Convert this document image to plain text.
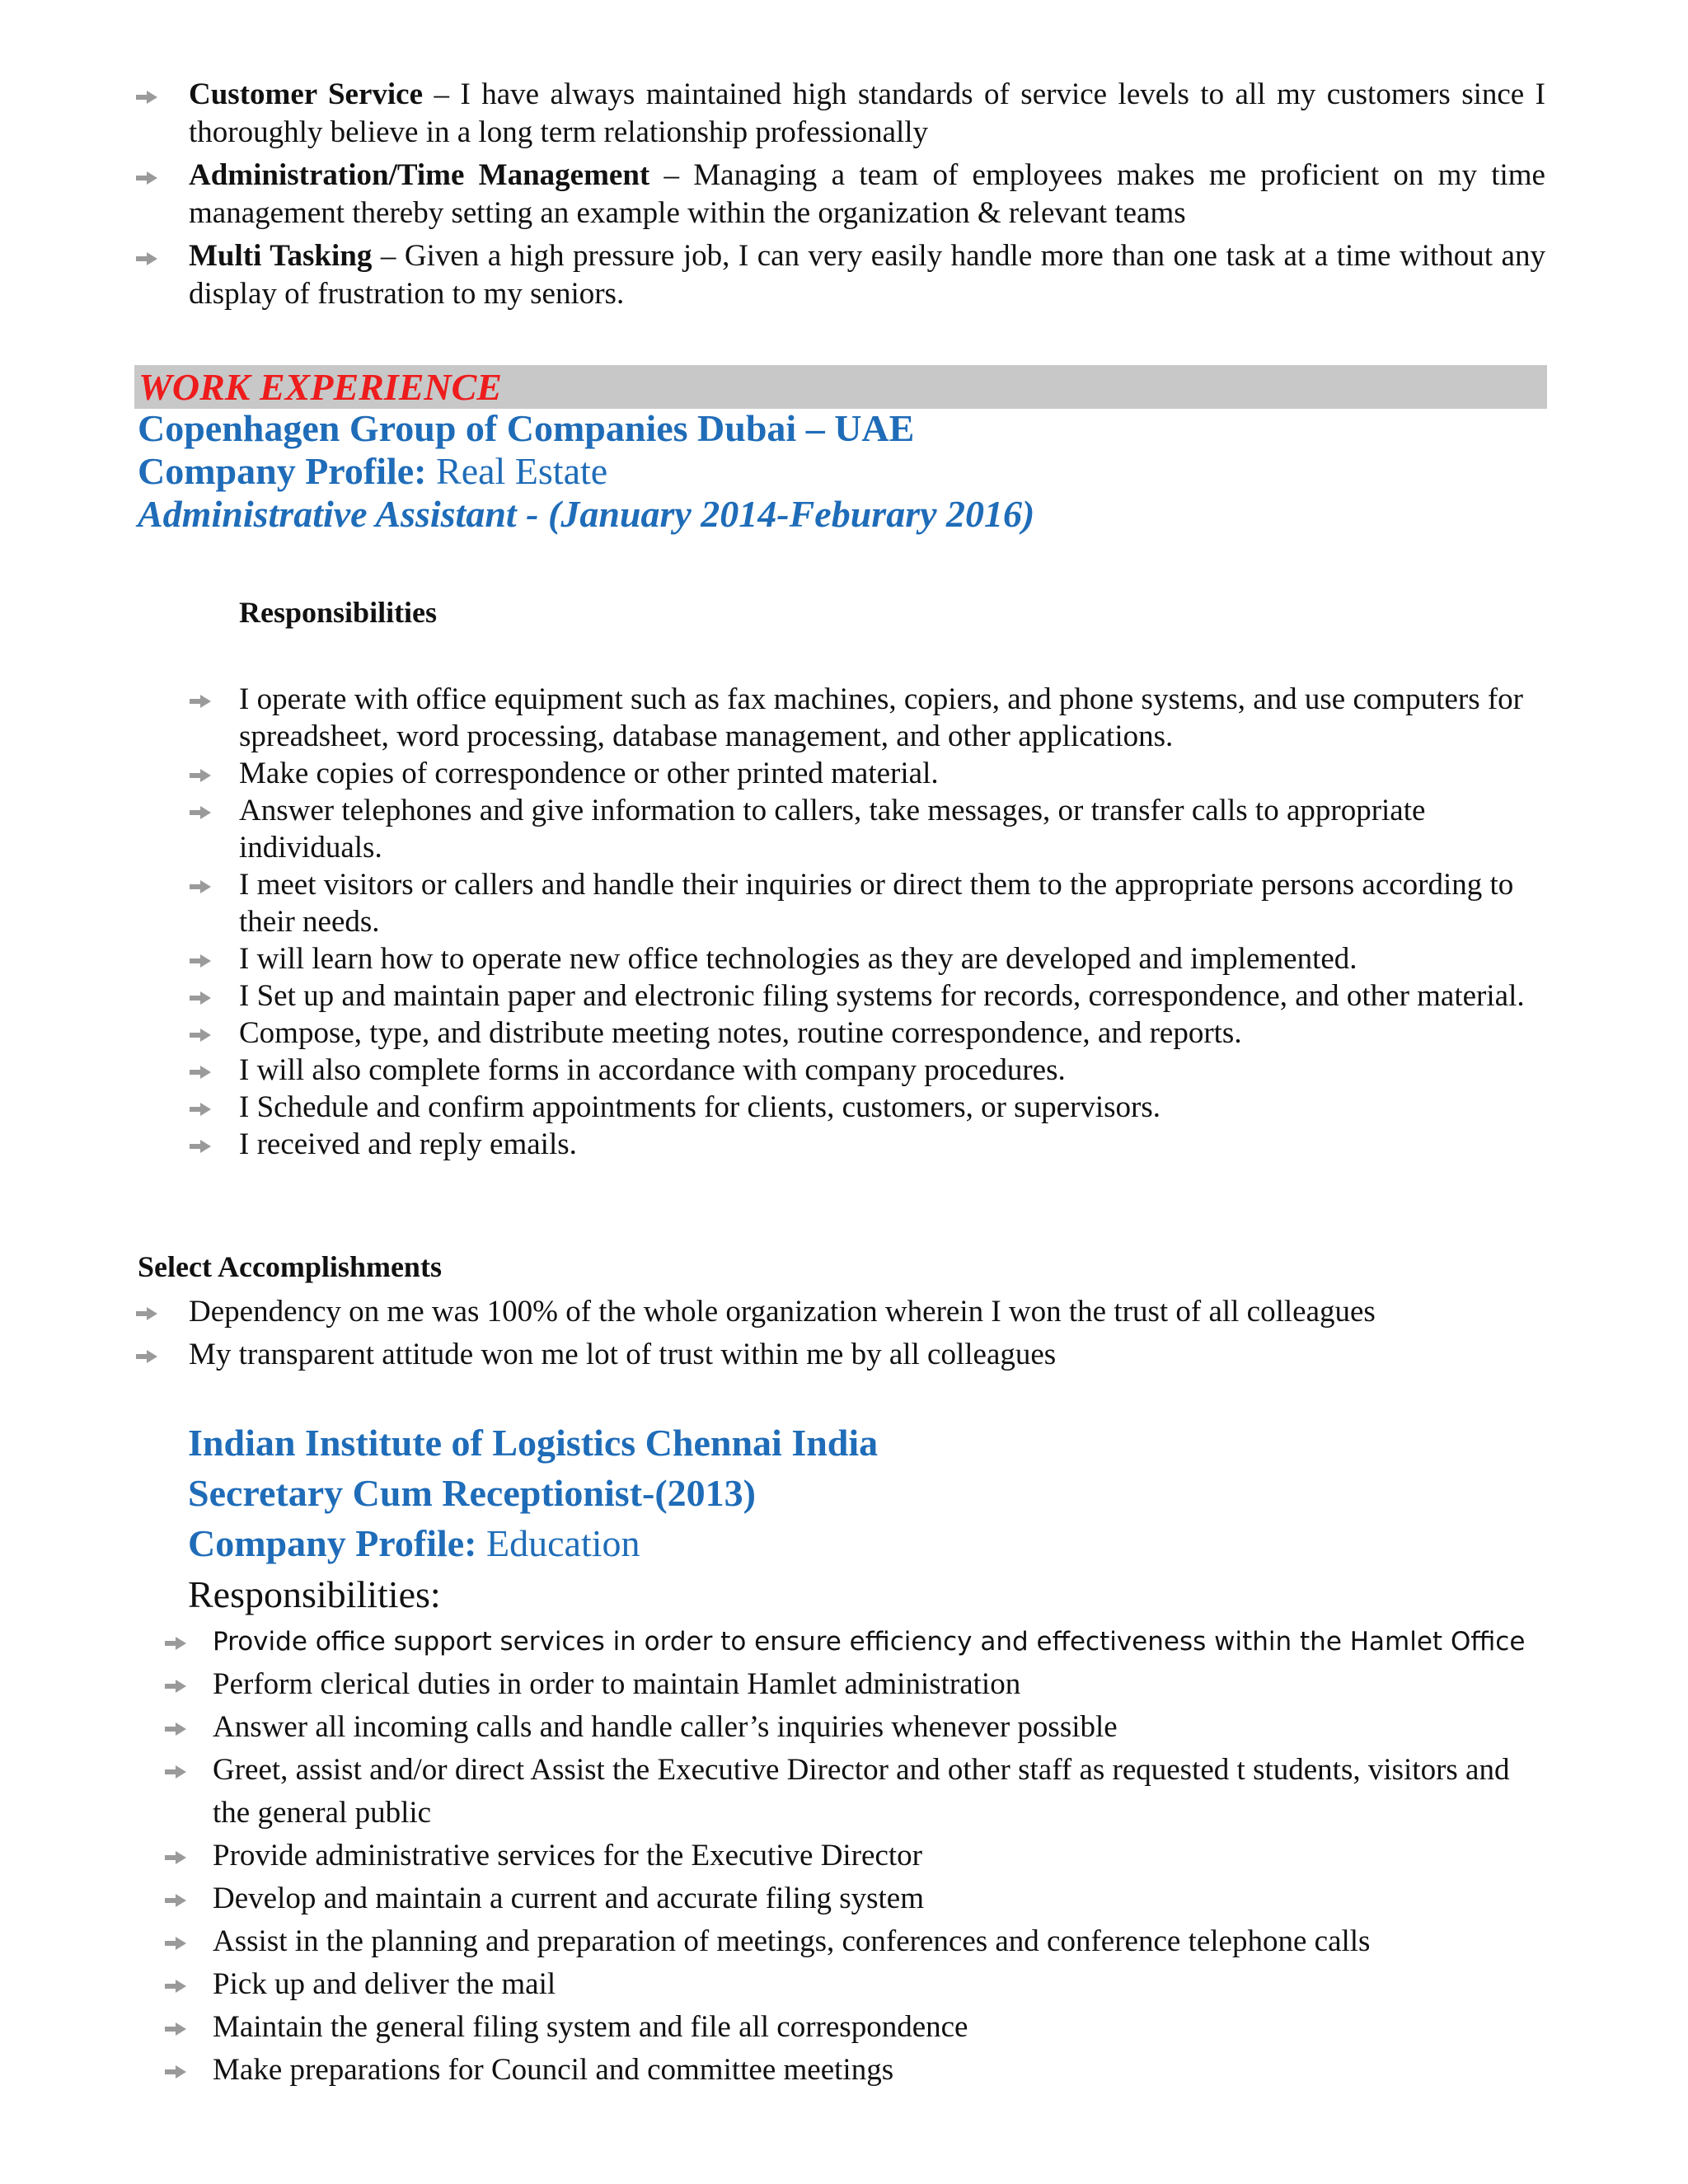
Customer Service – I have always maintained high standards of service levels to all my customers since I thoroughly believe in a long term relationship professionally
Administration/Time Management – Managing a team of employees makes me proficient on my time management thereby setting an example within the organization & relevant teams
Multi Tasking – Given a high pressure job, I can very easily handle more than one task at a time without any display of frustration to my seniors.
WORK EXPERIENCE
Copenhagen Group of Companies Dubai – UAE
Company Profile: Real Estate
Administrative Assistant - (January 2014-Feburary 2016)
Responsibilities
I operate with office equipment such as fax machines, copiers, and phone systems, and use computers for spreadsheet, word processing, database management, and other applications.
Make copies of correspondence or other printed material.
Answer telephones and give information to callers, take messages, or transfer calls to appropriate individuals.
I meet visitors or callers and handle their inquiries or direct them to the appropriate persons according to their needs.
I will learn how to operate new office technologies as they are developed and implemented.
I Set up and maintain paper and electronic filing systems for records, correspondence, and other material.
Compose, type, and distribute meeting notes, routine correspondence, and reports.
I will also complete forms in accordance with company procedures.
I Schedule and confirm appointments for clients, customers, or supervisors.
I received and reply emails.
Select Accomplishments
Dependency on me was 100% of the whole organization wherein I won the trust of all colleagues
My transparent attitude won me lot of trust within me by all colleagues
Indian Institute of Logistics Chennai India
Secretary Cum Receptionist-(2013)
Company Profile: Education
Responsibilities:
Provide office support services in order to ensure efficiency and effectiveness within the Hamlet Office
Perform clerical duties in order to maintain Hamlet administration
Answer all incoming calls and handle caller’s inquiries whenever possible
Greet, assist and/or direct Assist the Executive Director and other staff as requested t students, visitors and the general public
Provide administrative services for the Executive Director
Develop and maintain a current and accurate filing system
Assist in the planning and preparation of meetings, conferences and conference telephone calls
Pick up and deliver the mail
Maintain the general filing system and file all correspondence
Make preparations for Council and committee meetings
